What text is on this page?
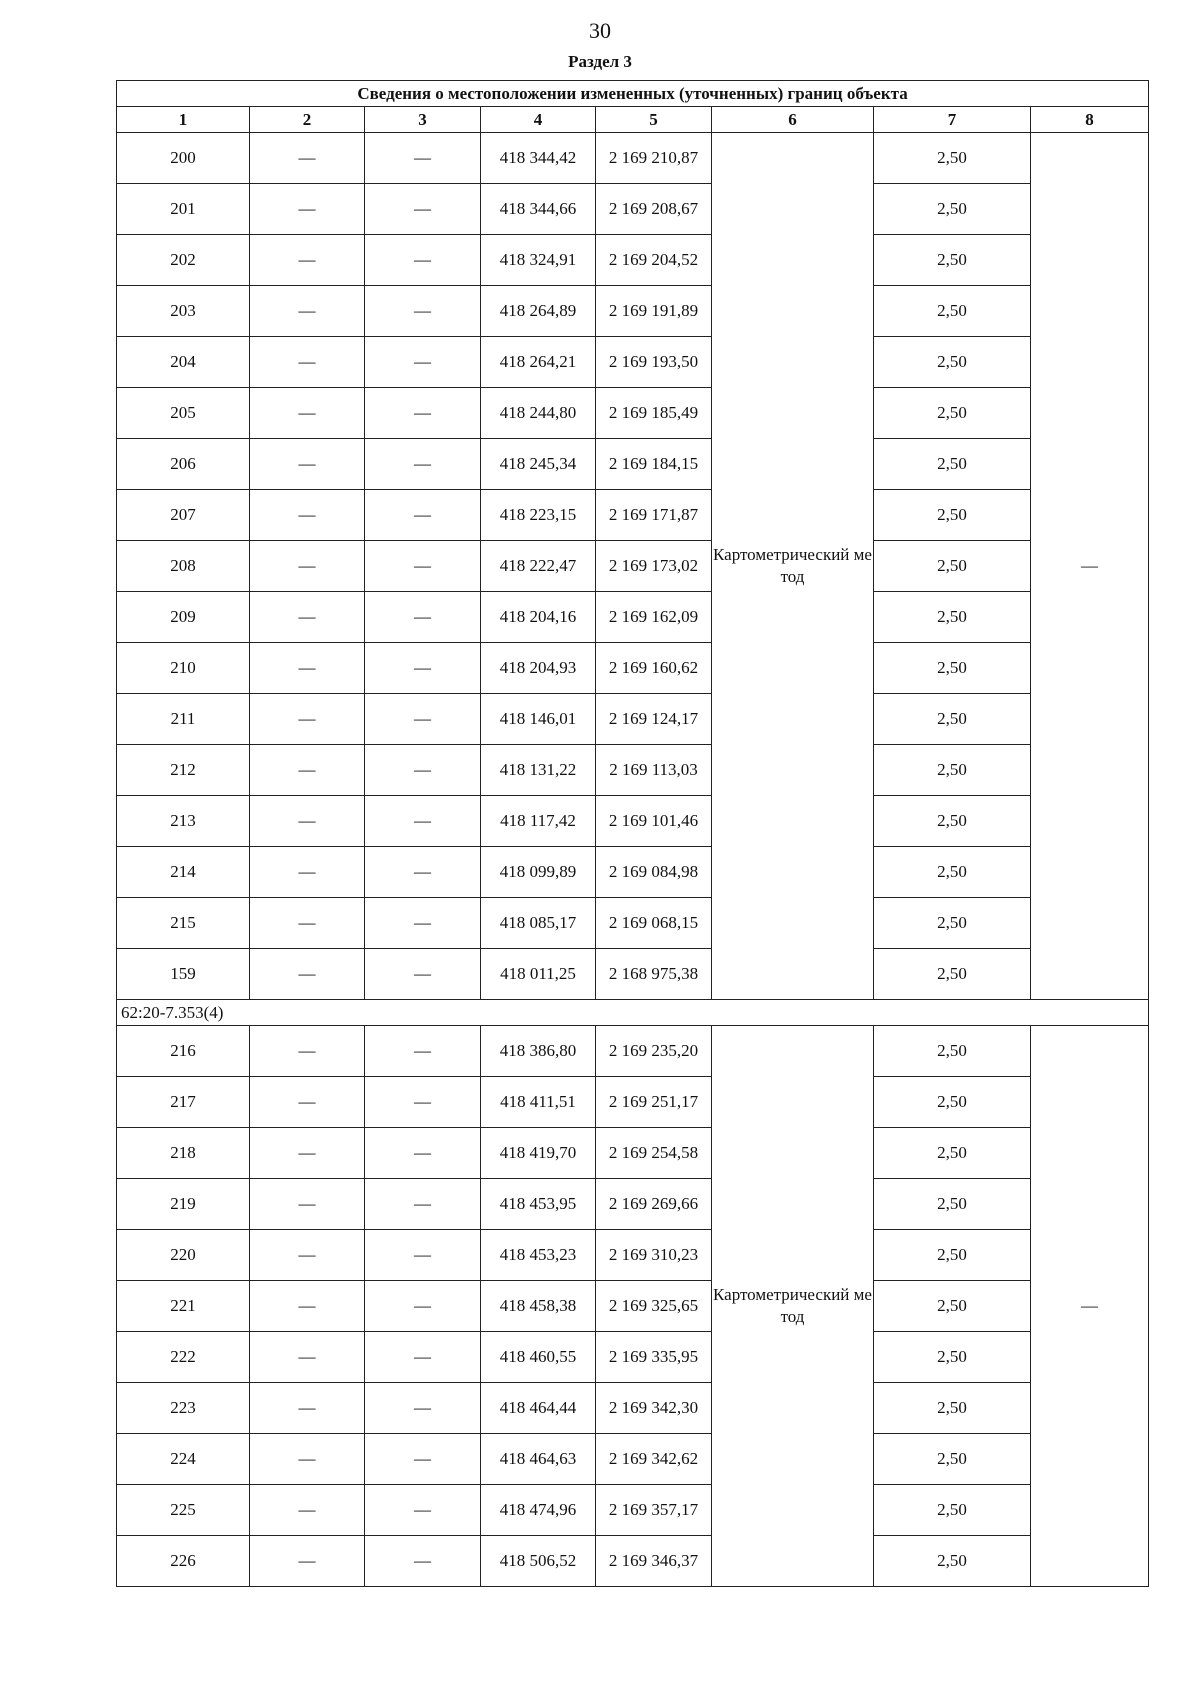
30
Раздел 3
Сведения о местоположении измененных (уточненных) границ объекта							
1	2	3	4	5	6	7	8
200	—	—	418 344,42	2 169 210,87	Картометрический метод	2,50	—
201	—	—	418 344,66	2 169 208,67		2,50	
202	—	—	418 324,91	2 169 204,52		2,50	
203	—	—	418 264,89	2 169 191,89		2,50	
204	—	—	418 264,21	2 169 193,50		2,50	
205	—	—	418 244,80	2 169 185,49		2,50	
206	—	—	418 245,34	2 169 184,15		2,50	
207	—	—	418 223,15	2 169 171,87		2,50	
208	—	—	418 222,47	2 169 173,02		2,50	
209	—	—	418 204,16	2 169 162,09		2,50	
210	—	—	418 204,93	2 169 160,62		2,50	
211	—	—	418 146,01	2 169 124,17		2,50	
212	—	—	418 131,22	2 169 113,03		2,50	
213	—	—	418 117,42	2 169 101,46		2,50	
214	—	—	418 099,89	2 169 084,98		2,50	
215	—	—	418 085,17	2 169 068,15		2,50	
159	—	—	418 011,25	2 168 975,38		2,50	
62:20-7.353(4)							
216	—	—	418 386,80	2 169 235,20	Картометрический метод	2,50	—
217	—	—	418 411,51	2 169 251,17		2,50	
218	—	—	418 419,70	2 169 254,58		2,50	
219	—	—	418 453,95	2 169 269,66		2,50	
220	—	—	418 453,23	2 169 310,23		2,50	
221	—	—	418 458,38	2 169 325,65		2,50	
222	—	—	418 460,55	2 169 335,95		2,50	
223	—	—	418 464,44	2 169 342,30		2,50	
224	—	—	418 464,63	2 169 342,62		2,50	
225	—	—	418 474,96	2 169 357,17		2,50	
226	—	—	418 506,52	2 169 346,37		2,50	
